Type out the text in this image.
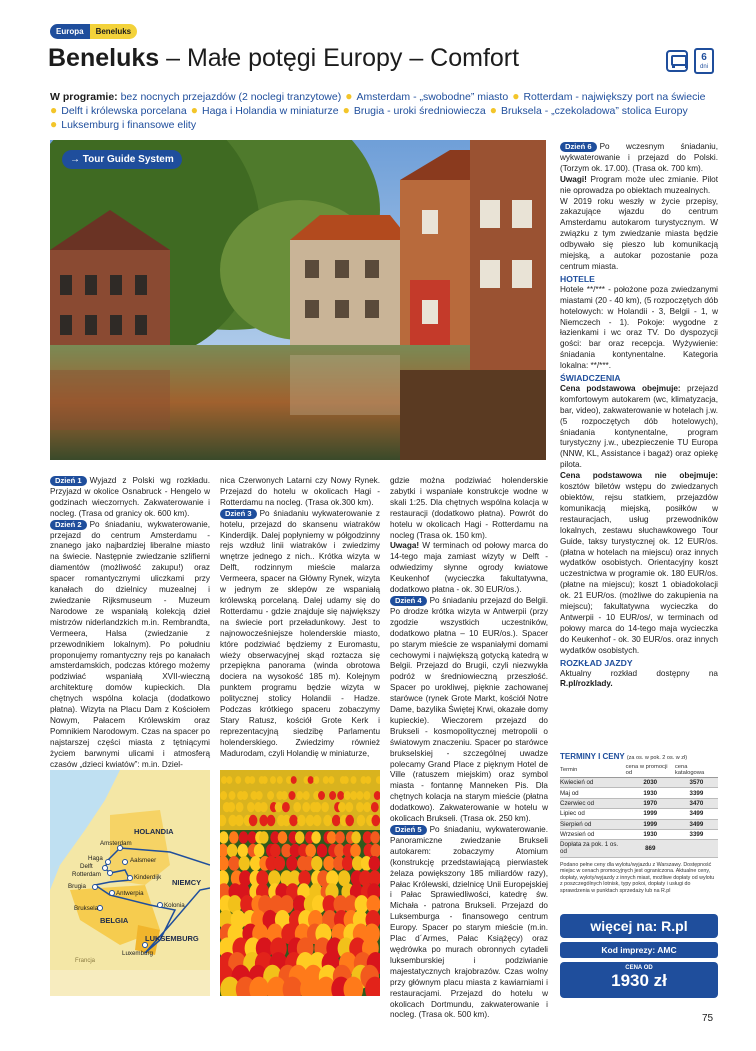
Europa	Beneluks
Beneluks – Małe potęgi Europy – Comfort	6
dni
W programie: bez nocnych przejazdów (2 noclegi tranzytowe) ● Amsterdam - „swobodne” miasto ● Rotterdam - największy port na świecie
● Delft i królewska porcelana ● Haga i Holandia w miniaturze ● Brugia - uroki średniowiecza ● Bruksela - „czekoladowa” stolica Europy
● Luksemburg i finansowe elity
→ Tour Guide System
Dzień 1 Wyjazd z Polski wg rozkładu. Przyjazd w okolice Osnabruck - Hengelo w godzinach wieczornych. Zakwaterowanie i nocleg. (Trasa od granicy ok. 600 km).
Dzień 2 Po śniadaniu, wykwaterowanie, przejazd do centrum Amsterdamu - znanego jako najbardziej liberalne miasto na świecie. Następnie zwiedzanie szlifierni diamentów (możliwość zakupu!) oraz spacer romantycznymi uliczkami przy kanałach do dzielnicy muzealnej i zwiedzanie Rijksmuseum - Muzeum Narodowe ze wspaniałą kolekcją dzieł mistrzów niderlandzkich m.in. Rembrandta, Vermeera, Halsa (zwiedzanie z przewodnikiem lokalnym). Po południu proponujemy romantyczny rejs po kanałach amsterdamskich, podczas którego możemy podziwiać wspaniałą XVII-wieczną architekturę domów kupieckich. Dla chętnych wspólna kolacja (dodatkowo płatna). Wizyta na Placu Dam z Kościołem Nowym, Pałacem Królewskim oraz Pomnikiem Narodowym. Czas na spacer po najstarszej części miasta z tętniącymi życiem barwnymi ulicami i atmosferą czasów „dzieci kwiatów”: m.in. Dziel-
nica Czerwonych Latarni czy Nowy Rynek. Przejazd do hotelu w okolicach Hagi - Rotterdamu na nocleg. (Trasa ok.300 km).
Dzień 3 Po śniadaniu wykwaterowanie z hotelu, przejazd do skansenu wiatraków Kinderdijk. Dalej popłyniemy w półgodzinny rejs wzdłuż linii wiatraków i zwiedzimy wnętrze jednego z nich.. Krótka wizyta w Delft, rodzinnym mieście malarza Vermeera, spacer na Główny Rynek, wizyta w jednym ze sklepów ze wspaniałą królewską porcelaną. Dalej udamy się do Rotterdamu - gdzie znajduje się największy na świecie port przeładunkowy. Jest to najnowocześniejsze holenderskie miasto, które podziwiać będziemy z Euromastu, wieży obserwacyjnej skąd roztacza się przepiękna panorama (winda obrotowa dociera na wysokość 185 m). Kolejnym punktem programu będzie wizyta w politycznej stolicy Holandii - Hadze. Podczas krótkiego spaceru zobaczymy Stary Ratusz, kościół Grote Kerk i reprezentacyjną siedzibę Parlamentu holenderskiego. Zwiedzimy również Madurodam, czyli Holandię w miniaturze,
gdzie można podziwiać holenderskie zabytki i wspaniałe konstrukcje wodne w skali 1:25. Dla chętnych wspólna kolacja w restauracji (dodatkowo płatna). Powrót do hotelu w okolicach Hagi - Rotterdamu na nocleg (Trasa ok. 150 km).
Uwaga! W terminach od połowy marca do 14-tego maja zamiast wizyty w Delft - odwiedzimy słynne ogrody kwiatowe Keukenhof (wycieczka fakultatywna, dodatkowo płatna - ok. 30 EUR/os.).
Dzień 4 Po śniadaniu przejazd do Belgii. Po drodze krótka wizyta w Antwerpii (przy zgodzie wszystkich uczestników, dodatkowo płatna – 10 EUR/os.). Spacer po starym mieście ze wspaniałymi domami cechowymi i największą gotycką katedrą w Belgii. Przejazd do Brugii, czyli niezwykła podróż w średniowieczną przeszłość. Spacer po urokliwej, pięknie zachowanej starówce (rynek Grote Markt, kościół Notre Dame, bazylika Świętej Krwi, okazałe domy kupieckie). Wieczorem przejazd do Brukseli - kosmopolitycznej metropolii o światowym znaczeniu. Spacer po starówce brukselskiej - szczególnej uwadze polecamy Grand Place z pięknym Hotel de Ville (ratuszem miejskim) oraz symbol miasta - fontannę Manneken Pis. Dla chętnych kolacja na starym mieście (płatna dodatkowo). Zakwaterowanie w hotelu w okolicach Brukseli. (Trasa ok. 250 km).
Dzień 5 Po śniadaniu, wykwaterowanie. Panoramiczne zwiedzanie Brukseli autokarem: zobaczymy Atomium (konstrukcję przedstawiającą pierwiastek żelaza powiększony 185 miliardów razy), Pałac Królewski, dzielnicę Unii Europejskiej i Pałac Sprawiedliwości, katedrę św. Michała - patrona Brukseli. Przejazd do Luksemburga - finansowego centrum Europy. Spacer po starym mieście (m.in. Plac d´Armes, Pałac Książęcy) oraz wędrówka po murach obronnych cytadeli luksemburskiej i podziwianie majestatycznych krajobrazów. Czas wolny przy głównym placu miasta z kawiarniami i restauracjami. Przejazd do hotelu w okolicach Dortmundu, zakwaterowanie i nocleg. (Trasa ok. 500 km).
Dzień 6 Po wczesnym śniadaniu, wykwaterowanie i przejazd do Polski. (Torzym ok. 17.00). (Trasa ok. 700 km).
Uwagi! Program może ulec zmianie. Pilot nie oprowadza po obiektach muzealnych.
W 2019 roku weszły w życie przepisy, zakazujące wjazdu do centrum Amsterdamu autokarom turystycznym. W związku z tym zwiedzanie miasta będzie odbywało się pieszo lub komunikacją miejską, a autokar pozostanie poza centrum miasta.
HOTELE
Hotele **/*** - położone poza zwiedzanymi miastami (20 - 40 km), (5 rozpoczętych dób hotelowych: w Holandii - 3, Belgii - 1, w Niemczech - 1). Pokoje: wygodne z łazienkami i wc oraz TV. Do dyspozycji gości: bar oraz recepcja. Wyżywienie: śniadania kontynentalne. Kategoria lokalna: **/***.
ŚWIADCZENIA
Cena podstawowa obejmuje: przejazd komfortowym autokarem (wc, klimatyzacja, bar, video), zakwaterowanie w hotelach j.w. (5 rozpoczętych dób hotelowych), śniadania kontynentalne, program turystyczny j.w., ubezpieczenie TU Europa (NNW, KL, Assistance i bagaż) oraz opiekę pilota.
Cena podstawowa nie obejmuje: kosztów biletów wstępu do zwiedzanych obiektów, rejsu statkiem, przejazdów komunikacją miejską, posiłków w restauracjach, usług przewodników lokalnych, zestawu słuchawkowego Tour Guide, taksy turystycznej ok. 12 EUR/os. (płatna w hotelach na miejscu) oraz innych wydatków osobistych. Orientacyjny koszt uczestnictwa w programie ok. 180 EUR/os. (płatne na miejscu); koszt 1 obiadokolacji ok. 21 EUR/os. (możliwe do zakupienia na miejscu); fakultatywna wycieczka do Antwerpii - 10 EUR/os/, w terminach od połowy marca do 14-tego maja wycieczka do Keukenhof - ok. 30 EUR/os. oraz innych wydatków osobistych.
ROZKŁAD JAZDY
Aktualny rozkład dostępny na R.pl/rozklady.
Amsterdam
Haga	Aalsmeer
Delft
Rotterdam	Kinderdijk
Brugia
Antwerpia
Bruksela	Kolonia
Luxemburg
HOLANDIA
NIEMCY
BELGIA
LUKSEMBURG
Francja
TERMINY I CENY (za os. w pok. 2 os. w zł)
Termin	cena w promocji od	cena katalogowa
Kwiecień od	2030	3570
Maj od	1930	3399
Czerwiec od	1970	3470
Lipiec od	1999	3499
Sierpień od	1999	3499
Wrzesień od	1930	3399
Dopłata za pok. 1 os. od	869	
Podano pełne ceny dla wylotu/wyjazdu z Warszawy. Dostępność miejsc w cenach promocyjnych jest ograniczona. Aktualne ceny, dopłaty, wyloty/wyjazdy z innych miast, możliwe dopłaty od wylotu z poszczególnych lotnisk, typy pokoi, dopłaty i usługi do sprawdzenia w punktach sprzedaży lub na R.pl
więcej na: R.pl
Kod imprezy: AMC
CENA OD
1930 zł
75
